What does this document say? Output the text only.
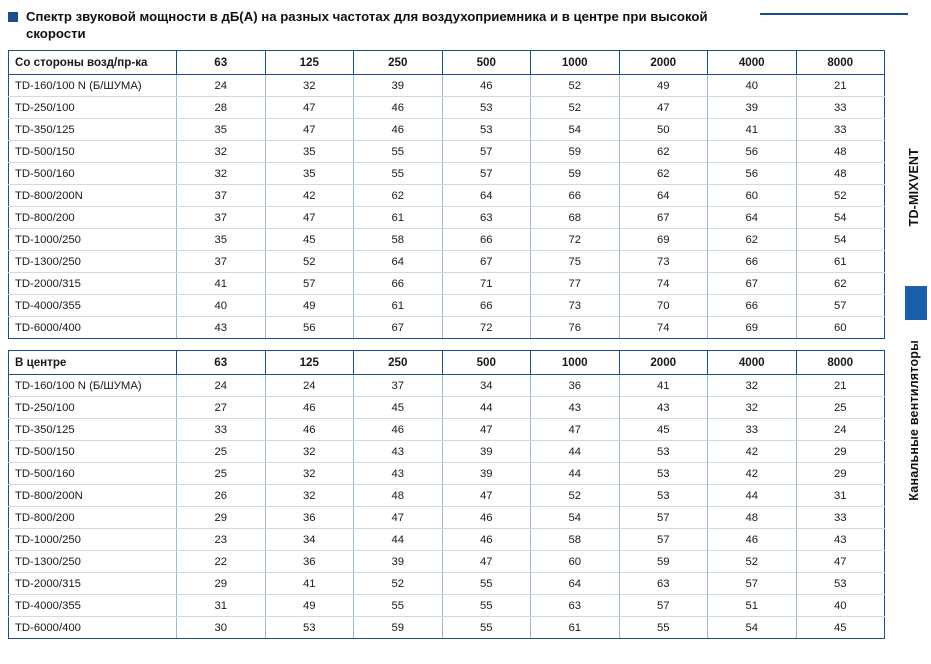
Спектр звуковой мощности в дБ(A) на разных частотах для воздухоприемника и в центре при высокой скорости
Со стороны возд/пр-ка	63	125	250	500	1000	2000	4000	8000
TD-160/100 N (Б/ШУМА)	24	32	39	46	52	49	40	21
TD-250/100	28	47	46	53	52	47	39	33
TD-350/125	35	47	46	53	54	50	41	33
TD-500/150	32	35	55	57	59	62	56	48
TD-500/160	32	35	55	57	59	62	56	48
TD-800/200N	37	42	62	64	66	64	60	52
TD-800/200	37	47	61	63	68	67	64	54
TD-1000/250	35	45	58	66	72	69	62	54
TD-1300/250	37	52	64	67	75	73	66	61
TD-2000/315	41	57	66	71	77	74	67	62
TD-4000/355	40	49	61	66	73	70	66	57
TD-6000/400	43	56	67	72	76	74	69	60
В центре	63	125	250	500	1000	2000	4000	8000
TD-160/100 N (Б/ШУМА)	24	24	37	34	36	41	32	21
TD-250/100	27	46	45	44	43	43	32	25
TD-350/125	33	46	46	47	47	45	33	24
TD-500/150	25	32	43	39	44	53	42	29
TD-500/160	25	32	43	39	44	53	42	29
TD-800/200N	26	32	48	47	52	53	44	31
TD-800/200	29	36	47	46	54	57	48	33
TD-1000/250	23	34	44	46	58	57	46	43
TD-1300/250	22	36	39	47	60	59	52	47
TD-2000/315	29	41	52	55	64	63	57	53
TD-4000/355	31	49	55	55	63	57	51	40
TD-6000/400	30	53	59	55	61	55	54	45
TD-MIXVENT
Канальные вентиляторы
